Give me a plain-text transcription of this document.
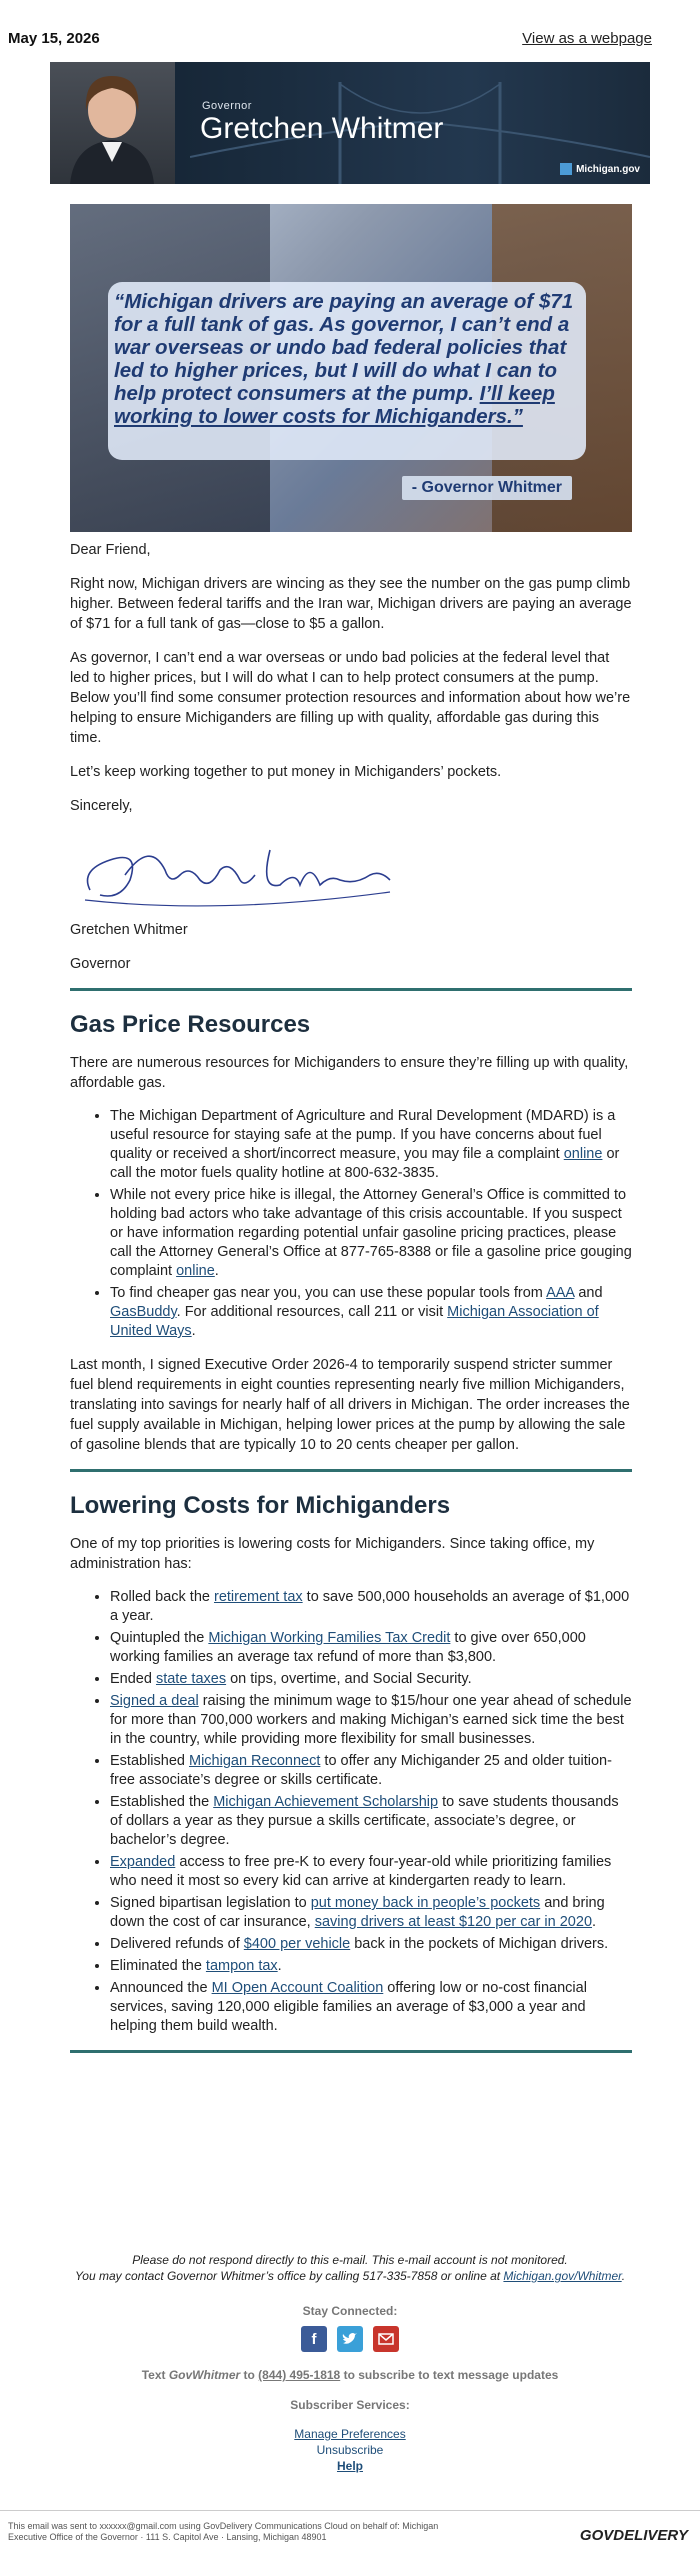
May 15, 2026	View as a webpage
Governor
Gretchen Whitmer
Michigan.gov
“Michigan drivers are paying an average of $71 for a full tank of gas. As governor, I can’t end a war overseas or undo bad federal policies that led to higher prices, but I will do what I can to help protect consumers at the pump. I’ll keep working to lower costs for Michiganders.”
- Governor Whitmer

Dear Friend,

Right now, Michigan drivers are wincing as they see the number on the gas pump climb higher. Between federal tariffs and the Iran war, Michigan drivers are paying an average of $71 for a full tank of gas—close to $5 a gallon.

As governor, I can’t end a war overseas or undo bad policies at the federal level that led to higher prices, but I will do what I can to help protect consumers at the pump. Below you’ll find some consumer protection resources and information about how we’re helping to ensure Michiganders are filling up with quality, affordable gas during this time.

Let’s keep working together to put money in Michiganders’ pockets.

Sincerely,

Gretchen Whitmer

Governor

Gas Price Resources

There are numerous resources for Michiganders to ensure they’re filling up with quality, affordable gas.

• The Michigan Department of Agriculture and Rural Development (MDARD) is a useful resource for staying safe at the pump. If you have concerns about fuel quality or received a short/incorrect measure, you may file a complaint online or call the motor fuels quality hotline at 800-632-3835.
• While not every price hike is illegal, the Attorney General’s Office is committed to holding bad actors who take advantage of this crisis accountable. If you suspect or have information regarding potential unfair gasoline pricing practices, please call the Attorney General’s Office at 877-765-8388 or file a gasoline price gouging complaint online.
• To find cheaper gas near you, you can use these popular tools from AAA and GasBuddy. For additional resources, call 211 or visit Michigan Association of United Ways.

Last month, I signed Executive Order 2026-4 to temporarily suspend stricter summer fuel blend requirements in eight counties representing nearly five million Michiganders, translating into savings for nearly half of all drivers in Michigan. The order increases the fuel supply available in Michigan, helping lower prices at the pump by allowing the sale of gasoline blends that are typically 10 to 20 cents cheaper per gallon.

Lowering Costs for Michiganders

One of my top priorities is lowering costs for Michiganders. Since taking office, my administration has:

• Rolled back the retirement tax to save 500,000 households an average of $1,000 a year.
• Quintupled the Michigan Working Families Tax Credit to give over 650,000 working families an average tax refund of more than $3,800.
• Ended state taxes on tips, overtime, and Social Security.
• Signed a deal raising the minimum wage to $15/hour one year ahead of schedule for more than 700,000 workers and making Michigan’s earned sick time the best in the country, while providing more flexibility for small businesses.
• Established Michigan Reconnect to offer any Michigander 25 and older tuition-free associate’s degree or skills certificate.
• Established the Michigan Achievement Scholarship to save students thousands of dollars a year as they pursue a skills certificate, associate’s degree, or bachelor’s degree.
• Expanded access to free pre-K to every four-year-old while prioritizing families who need it most so every kid can arrive at kindergarten ready to learn.
• Signed bipartisan legislation to put money back in people’s pockets and bring down the cost of car insurance, saving drivers at least $120 per car in 2020.
• Delivered refunds of $400 per vehicle back in the pockets of Michigan drivers.
• Eliminated the tampon tax.
• Announced the MI Open Account Coalition offering low or no-cost financial services, saving 120,000 eligible families an average of $3,000 a year and helping them build wealth.
Please do not respond directly to this e-mail. This e-mail account is not monitored.
You may contact Governor Whitmer’s office by calling 517-335-7858 or online at Michigan.gov/Whitmer.
Stay Connected:
f
Text GovWhitmer to (844) 495-1818 to subscribe to text message updates
Subscriber Services:
Manage Preferences
Unsubscribe
Help
This email was sent to xxxxxx@gmail.com using GovDelivery Communications Cloud on behalf of: Michigan Executive Office of the Governor · 111 S. Capitol Ave · Lansing, Michigan 48901	GOVDELIVERY
